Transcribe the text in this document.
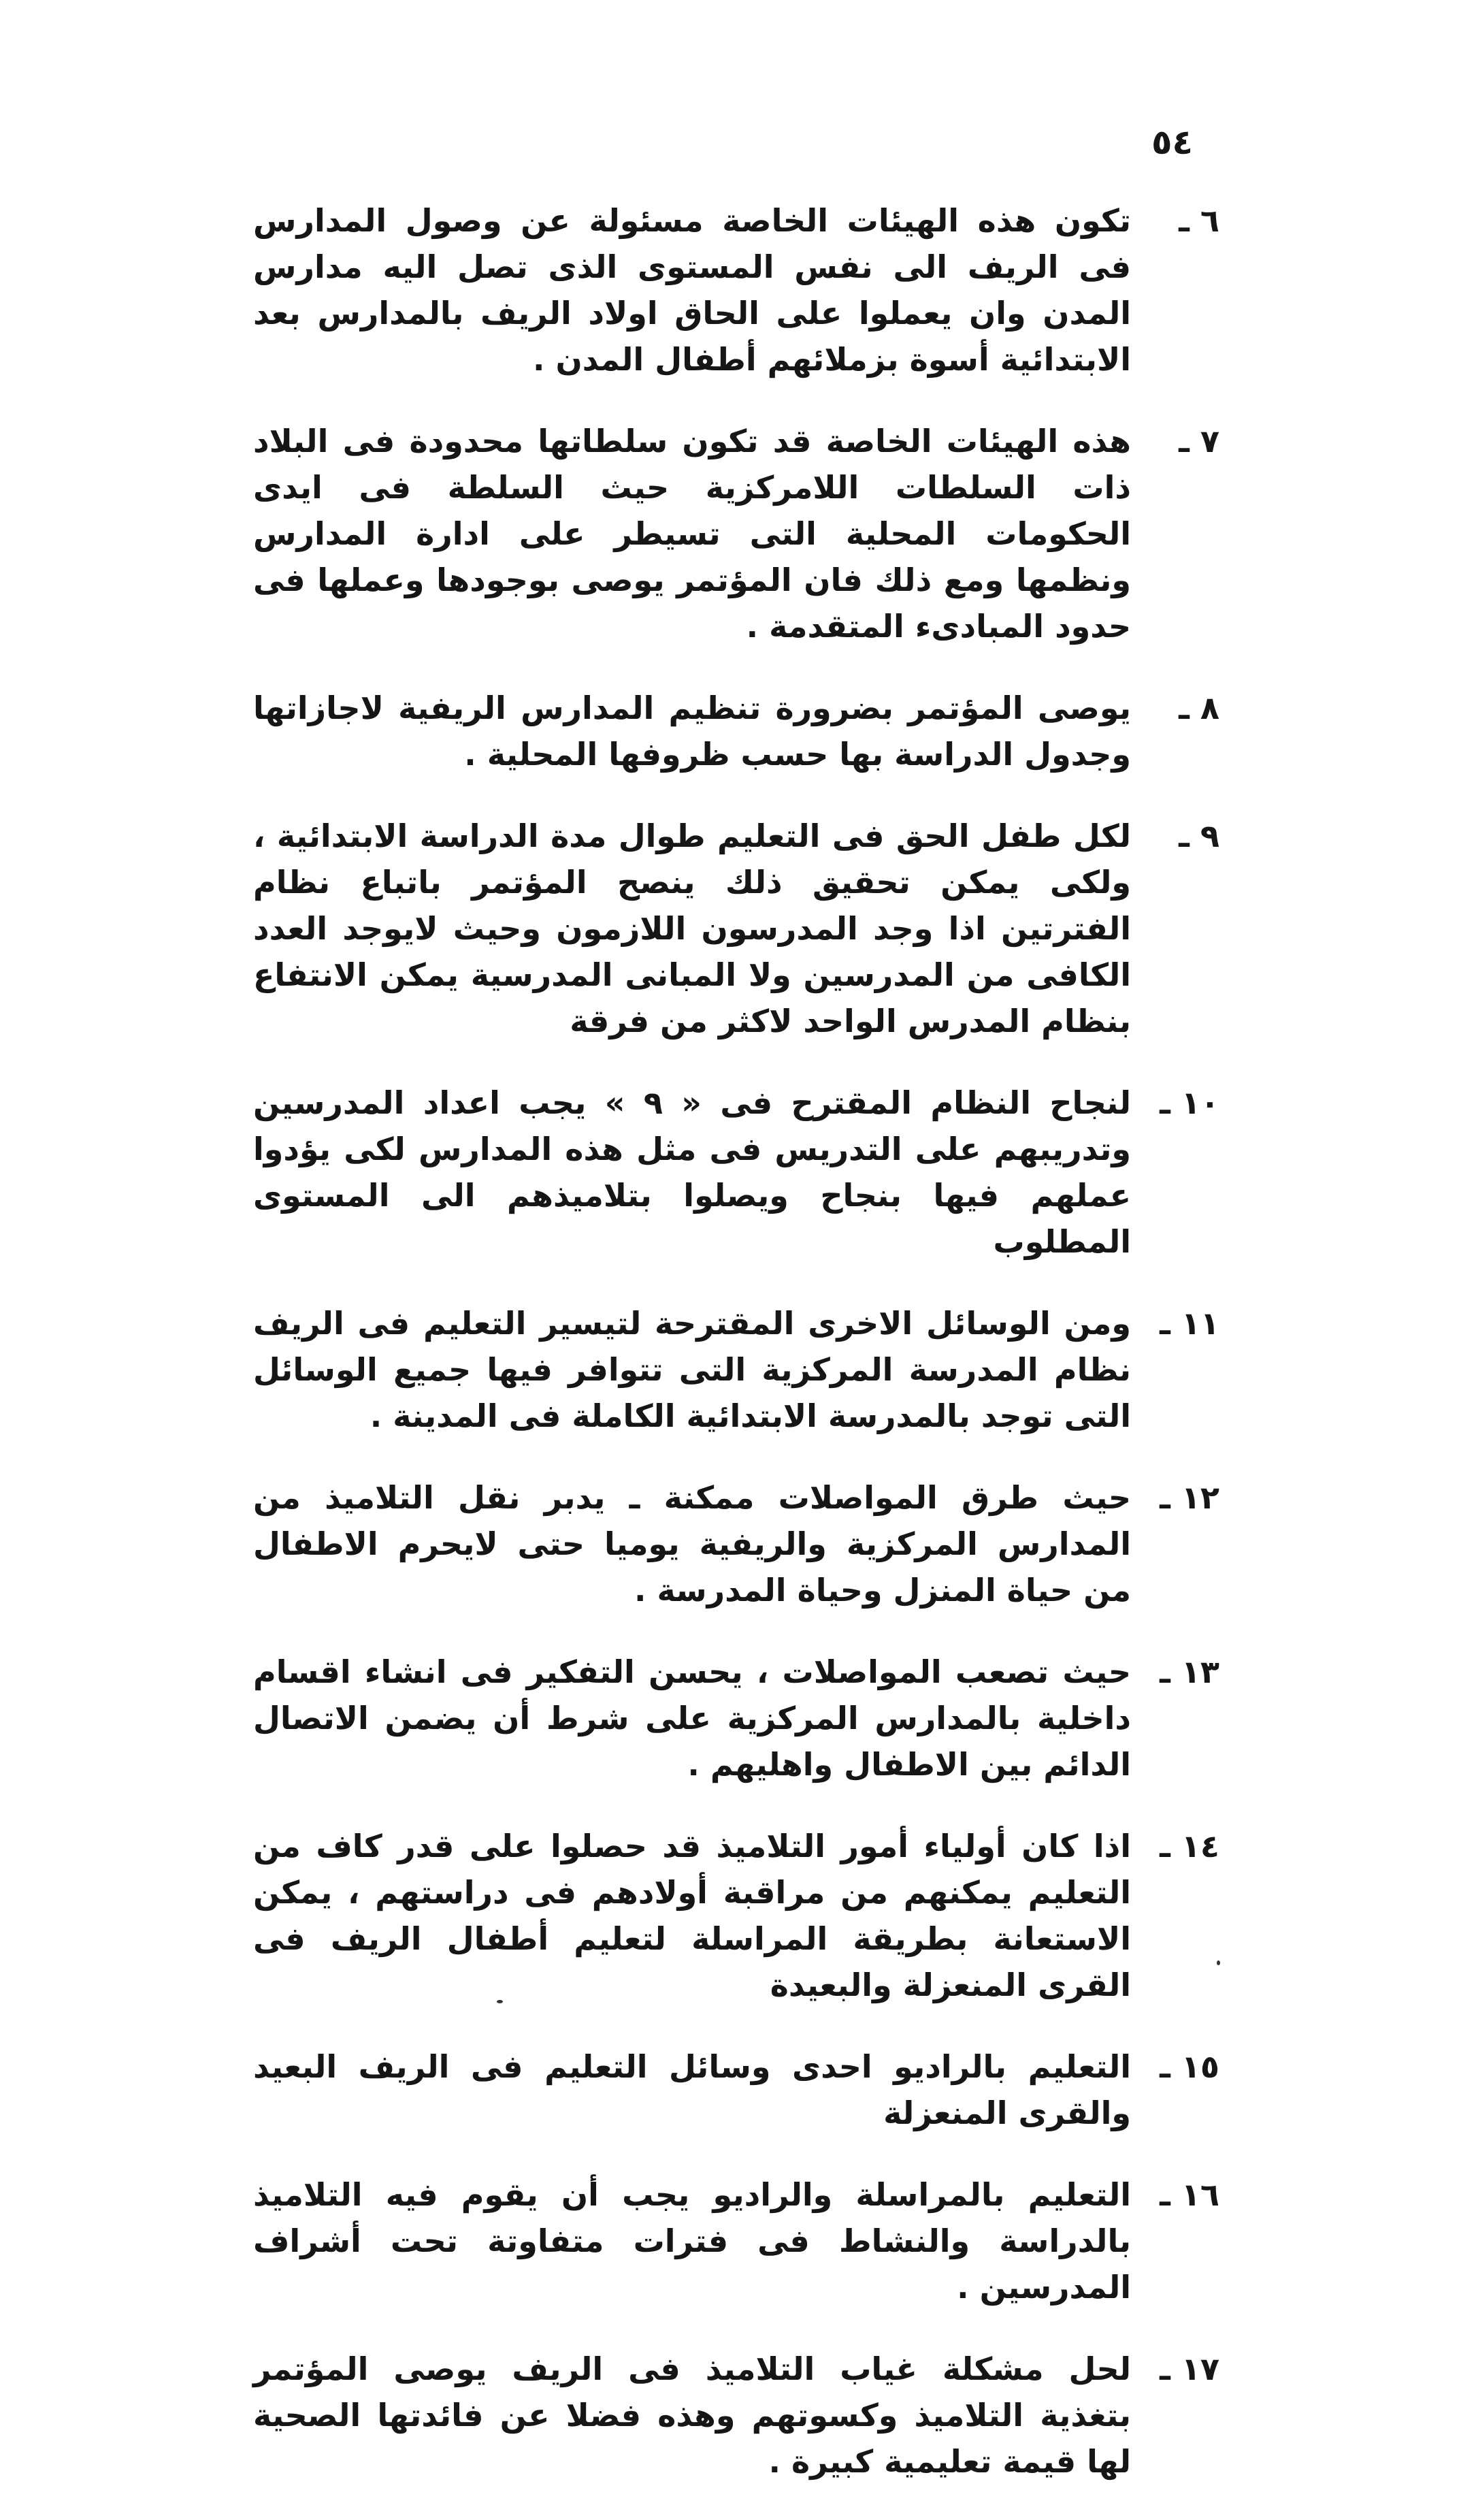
٥٤
٦ ـ
تكون هذه الهيئات الخاصة مسئولة عن وصول المدارس فى الريف الى نفس المستوى الذى تصل اليه مدارس المدن وان يعملوا على الحاق اولاد الريف بالمدارس بعد الابتدائية أسوة بزملائهم أطفال المدن .
٧ ـ
هذه الهيئات الخاصة قد تكون سلطاتها محدودة فى البلاد ذات السلطات اللامركزية حيث السلطة فى ايدى الحكومات المحلية التى تسيطر على ادارة المدارس ونظمها ومع ذلك فان المؤتمر يوصى بوجودها وعملها فى حدود المبادىء المتقدمة .
٨ ـ
يوصى المؤتمر بضرورة تنظيم المدارس الريفية لاجازاتها وجدول الدراسة بها حسب ظروفها المحلية .
٩ ـ
لكل طفل الحق فى التعليم طوال مدة الدراسة الابتدائية ، ولكى يمكن تحقيق ذلك ينصح المؤتمر باتباع نظام الفترتين اذا وجد المدرسون اللازمون وحيث لايوجد العدد الكافى من المدرسين ولا المبانى المدرسية يمكن الانتفاع بنظام المدرس الواحد لاكثر من فرقة
١٠ ـ
لنجاح النظام المقترح فى « ٩ » يجب اعداد المدرسين وتدريبهم على التدريس فى مثل هذه المدارس لكى يؤدوا عملهم فيها بنجاح ويصلوا بتلاميذهم الى المستوى المطلوب
١١ ـ
ومن الوسائل الاخرى المقترحة لتيسير التعليم فى الريف نظام المدرسة المركزية التى تتوافر فيها جميع الوسائل التى توجد بالمدرسة الابتدائية الكاملة فى المدينة .
١٢ ـ
حيث طرق المواصلات ممكنة ـ يدبر نقل التلاميذ من المدارس المركزية والريفية يوميا حتى لايحرم الاطفال من حياة المنزل وحياة المدرسة .
١٣ ـ
حيث تصعب المواصلات ، يحسن التفكير فى انشاء اقسام داخلية بالمدارس المركزية على شرط أن يضمن الاتصال الدائم بين الاطفال واهليهم .
١٤ ـ
اذا كان أولياء أمور التلاميذ قد حصلوا على قدر كاف من التعليم يمكنهم من مراقبة أولادهم فى دراستهم ، يمكن الاستعانة بطريقة المراسلة لتعليم أطفال الريف فى القرى المنعزلة والبعيدة
١٥ ـ
التعليم بالراديو احدى وسائل التعليم فى الريف البعيد والقرى المنعزلة
١٦ ـ
التعليم بالمراسلة والراديو يجب أن يقوم فيه التلاميذ بالدراسة والنشاط فى فترات متفاوتة تحت أشراف المدرسين .
١٧ ـ
لحل مشكلة غياب التلاميذ فى الريف يوصى المؤتمر بتغذية التلاميذ وكسوتهم وهذه فضلا عن فائدتها الصحية لها قيمة تعليمية كبيرة .
